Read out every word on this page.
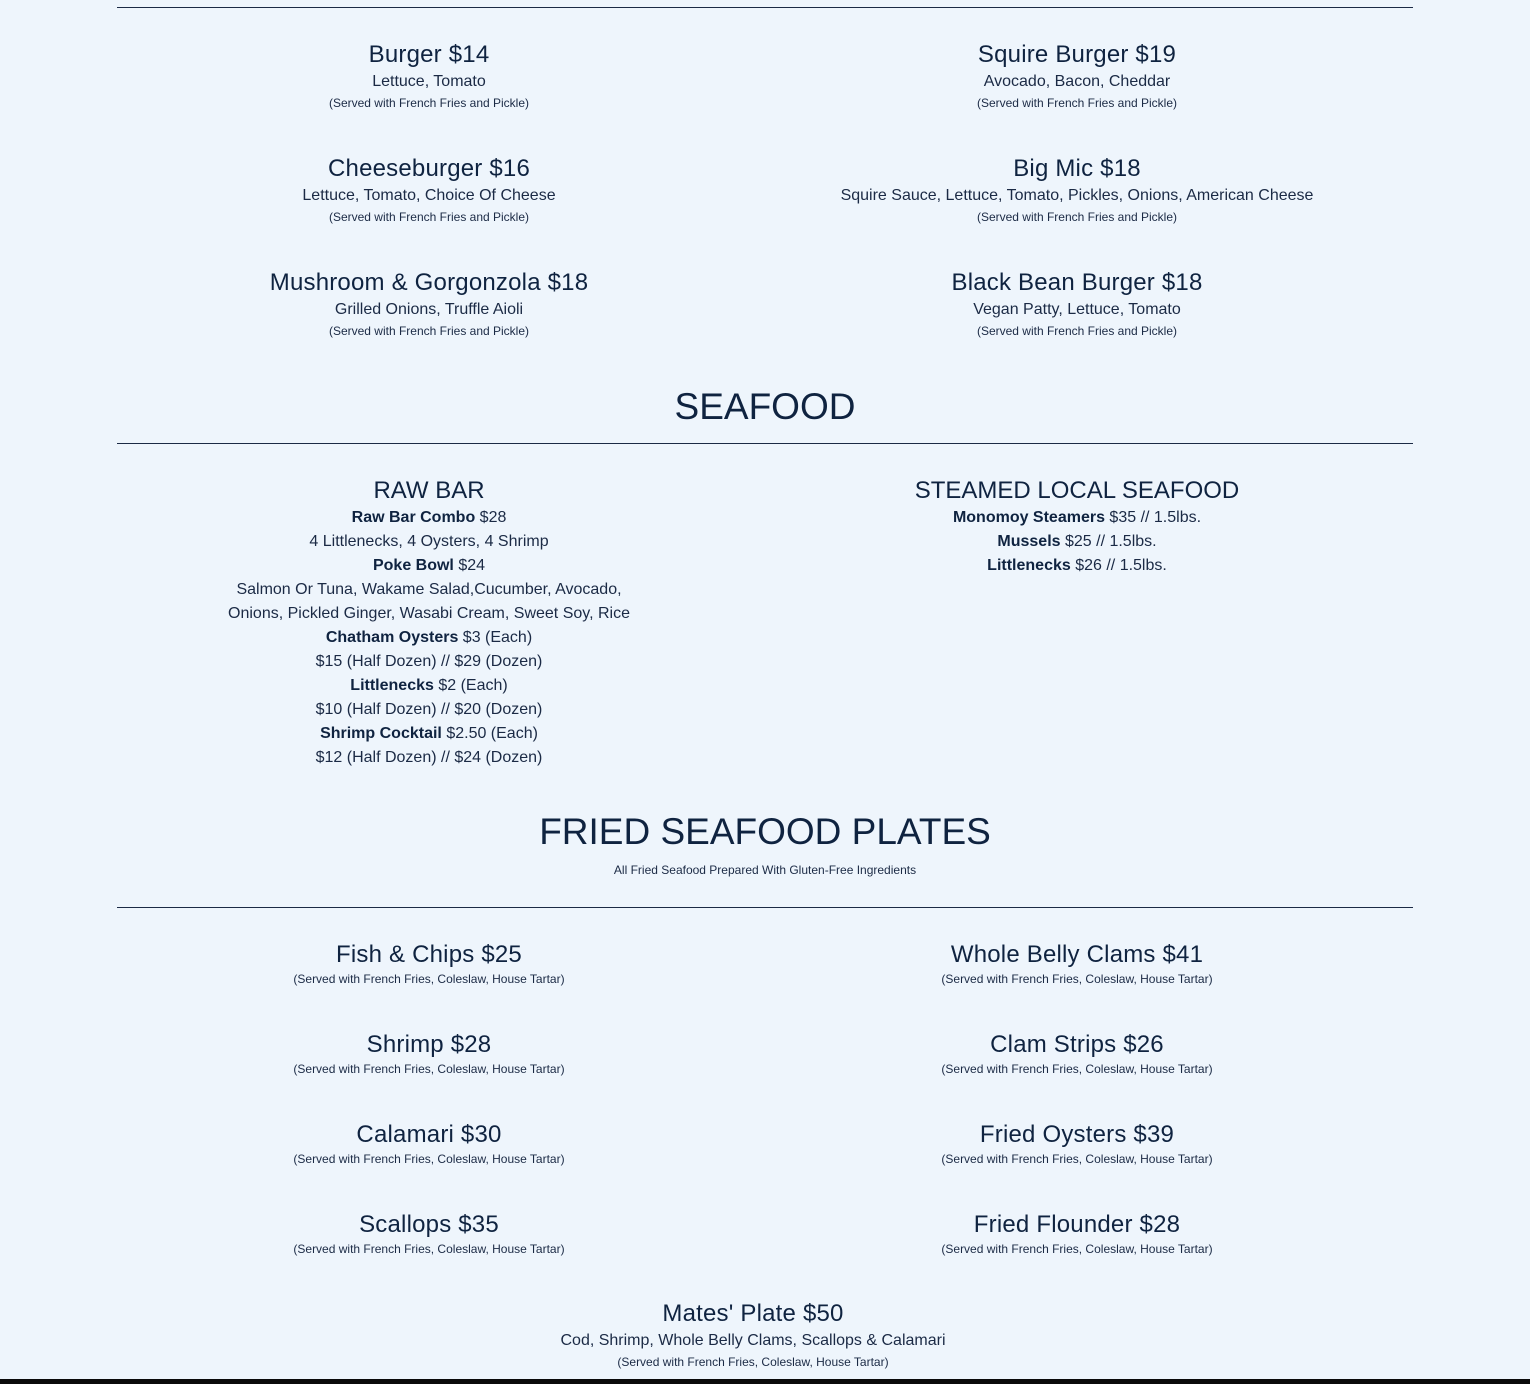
Burger $14
Lettuce, Tomato
(Served with French Fries and Pickle)
Cheeseburger $16
Lettuce, Tomato, Choice Of Cheese
(Served with French Fries and Pickle)
Mushroom & Gorgonzola $18
Grilled Onions, Truffle Aioli
(Served with French Fries and Pickle)
Squire Burger $19
Avocado, Bacon, Cheddar
(Served with French Fries and Pickle)
Big Mic $18
Squire Sauce, Lettuce, Tomato, Pickles, Onions, American Cheese
(Served with French Fries and Pickle)
Black Bean Burger $18
Vegan Patty, Lettuce, Tomato
(Served with French Fries and Pickle)
SEAFOOD
RAW BAR
Raw Bar Combo $28
4 Littlenecks, 4 Oysters, 4 Shrimp
Poke Bowl $24
Salmon Or Tuna, Wakame Salad,Cucumber, Avocado,
Onions, Pickled Ginger, Wasabi Cream, Sweet Soy, Rice
Chatham Oysters $3 (Each)
$15 (Half Dozen) // $29 (Dozen)
Littlenecks $2 (Each)
$10 (Half Dozen) // $20 (Dozen)
Shrimp Cocktail $2.50 (Each)
$12 (Half Dozen) // $24 (Dozen)
STEAMED LOCAL SEAFOOD
Monomoy Steamers $35 // 1.5lbs.
Mussels $25 // 1.5lbs.
Littlenecks $26 // 1.5lbs.
FRIED SEAFOOD PLATES
All Fried Seafood Prepared With Gluten-Free Ingredients
Fish & Chips $25
(Served with French Fries, Coleslaw, House Tartar)
Shrimp $28
(Served with French Fries, Coleslaw, House Tartar)
Calamari $30
(Served with French Fries, Coleslaw, House Tartar)
Scallops $35
(Served with French Fries, Coleslaw, House Tartar)
Whole Belly Clams $41
(Served with French Fries, Coleslaw, House Tartar)
Clam Strips $26
(Served with French Fries, Coleslaw, House Tartar)
Fried Oysters $39
(Served with French Fries, Coleslaw, House Tartar)
Fried Flounder $28
(Served with French Fries, Coleslaw, House Tartar)
Mates' Plate $50
Cod, Shrimp, Whole Belly Clams, Scallops & Calamari
(Served with French Fries, Coleslaw, House Tartar)
